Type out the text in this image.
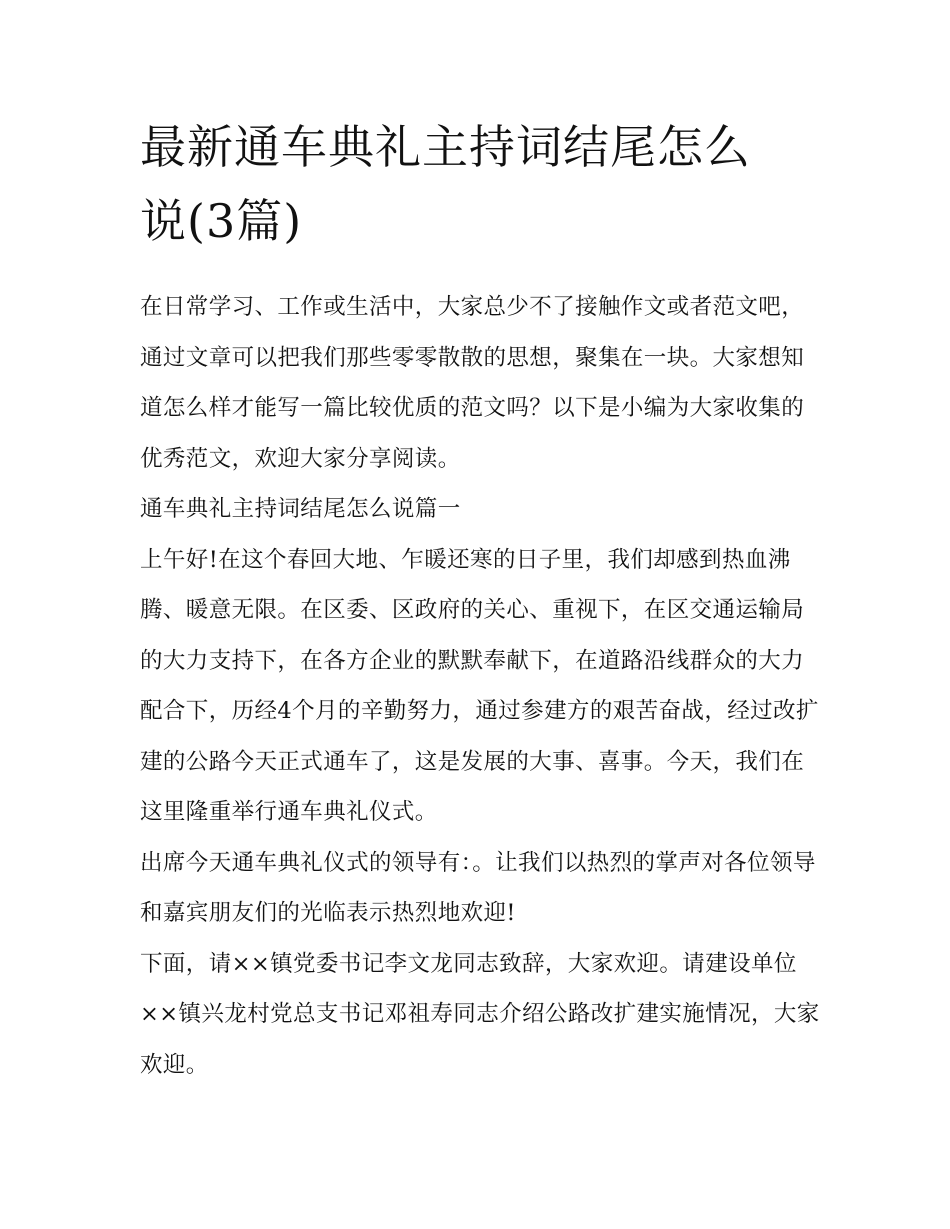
最新通车典礼主持词结尾怎么
说(3篇)

在日常学习、工作或生活中，大家总少不了接触作文或者范文吧，通过文章可以把我们那些零零散散的思想，聚集在一块。大家想知道怎么样才能写一篇比较优质的范文吗？以下是小编为大家收集的优秀范文，欢迎大家分享阅读。

通车典礼主持词结尾怎么说篇一

上午好!在这个春回大地、乍暖还寒的日子里，我们却感到热血沸腾、暖意无限。在区委、区政府的关心、重视下，在区交通运输局的大力支持下，在各方企业的默默奉献下，在道路沿线群众的大力配合下，历经4个月的辛勤努力，通过参建方的艰苦奋战，经过改扩建的公路今天正式通车了，这是发展的大事、喜事。今天，我们在这里隆重举行通车典礼仪式。

出席今天通车典礼仪式的领导有：。让我们以热烈的掌声对各位领导和嘉宾朋友们的光临表示热烈地欢迎!

下面，请××镇党委书记李文龙同志致辞，大家欢迎。请建设单位××镇兴龙村党总支书记邓祖寿同志介绍公路改扩建实施情况，大家欢迎。
